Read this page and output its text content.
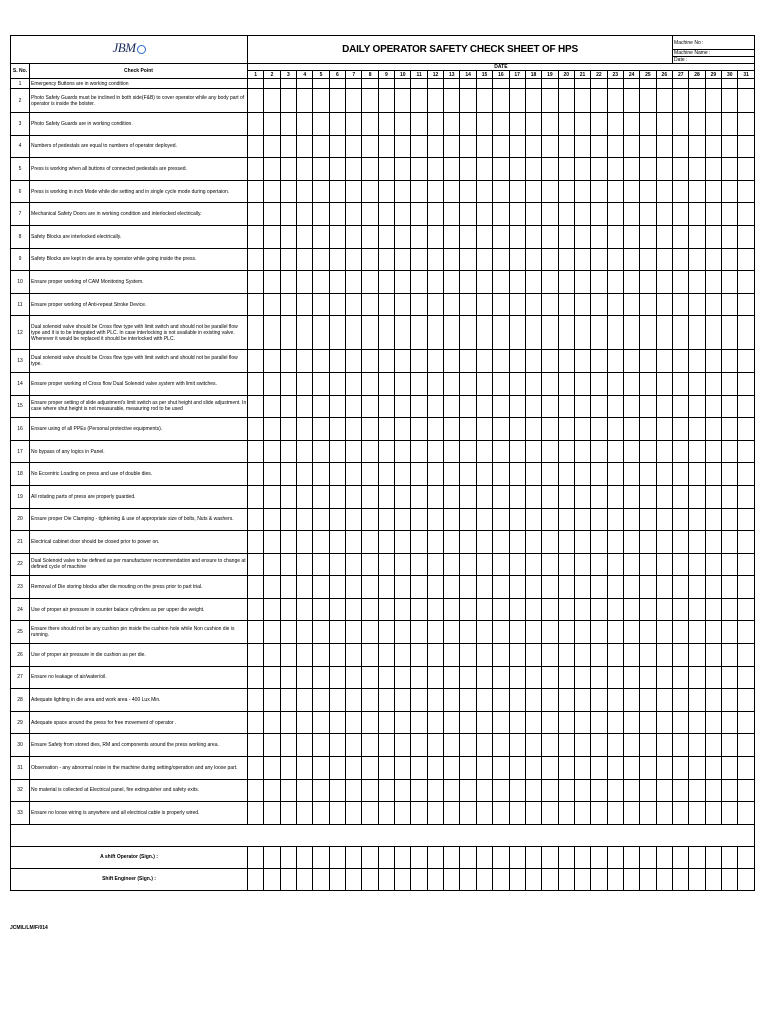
JBM		DAILY OPERATOR SAFETY CHECK SHEET OF HPS																										Machine No :				
																												Machine Name :				
																												Date :				
S. No.	Check Point	DATE																														
		1	2	3	4	5	6	7	8	9	10	11	12	13	14	15	16	17	18	19	20	21	22	23	24	25	26	27	28	29	30	31
1	Emergency Buttons are in working condition																															
2	Photo Safety Guards must be inclined in both side(F&B) to cover operator while any body part of operator is inside the bolster.																															
3	Photo Safety Guards are in working condition.																															
4	Numbers of pedestals are equal to numbers of operator deployed.																															
5	Press is working when all buttons of connected pedestals are pressed.																															
6	Press is working in inch Mode while die setting and in single cycle mode during opertaion.																															
7	Mechanical Safety Doors are in working condition and interlocked electrically.																															
8	Safety Blocks are interlocked electrically.																															
9	Safety Blocks are kept in die area by operator while going inside the press.																															
10	Ensure proper working of CAM Monitoring System.																															
11	Ensure proper working of Anti-repeat Stroke Device.																															
12	Dual solenoid valve should be Cross flow type with limit switch and should not be parallel flow type and it is to be integrated with PLC. In case interlocking is not available in existing valve. Whenever it would be replaced it should be interlocked with PLC.																															
13	Dual solenoid valve should be Cross flow type with limit switch and should not be parallel flow type.																															
14	Ensure proper working of Cross flow Dual Solenoid valve system with limit switches.																															
15	Ensure proper setting of slide adjustment's limit switch as per shut height and slide adjustment. In case where shut height is not measurable, measuring rod to be used																															
16	Ensure using of all PPEs (Personal protective equipments).																															
17	No bypass of any logics in Panel.																															
18	No Eccentric Loading on press and use of double dies.																															
19	All rotating parts of press are properly guarded.																															
20	Ensure proper Die Clamping - tightening & use of appropriate size of bolts, Nuts & washers.																															
21	Electrical cabinet door should be closed prior to power on.																															
22	Dual Solenoid valve to be defined as per manufacturer recommendation and ensure to change at defined cycle of machine																															
23	Removal of Die storing blocks after die mouting on the press prior to part trial.																															
24	Use of proper air pressure in counter balace cylinders as per upper die weight.																															
25	Ensure there should not be any cushion pin inside the cushion hole while Non cushion die is running.																															
26	Use of proper air pressure in die cushion as per die.																															
27	Ensure no leakage of air/water/oil.																															
28	Adequate lighting in die area and work area - 400 Lux Min.																															
29	Adequate space around the press for free movement of operator .																															
30	Ensure Safety from stored dies, RM and components around the press working area.																															
31	Observation - any abnormal noise in the machine during setting/operation and any loose part.																															
32	No material is collected at Electrical panel, fire extinguisher and safety exits.																															
33	Ensure no loose wiring is anywhere and all electrical cable is properly wired.																															

A shift Operator (Sign.) :																																
Shift Engineer (Sign.) :																																
JCMIL/LM/F/014
